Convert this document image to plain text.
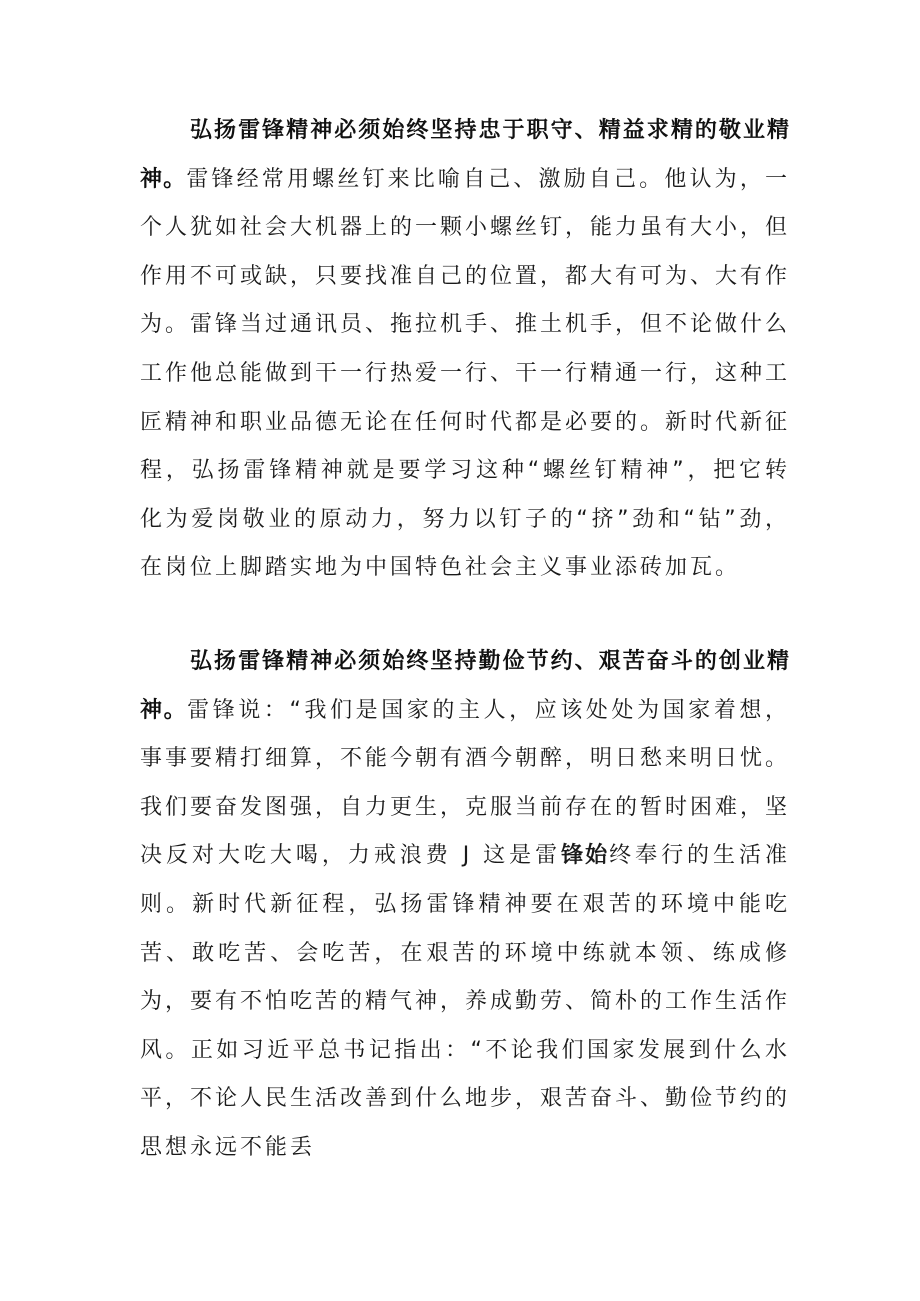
弘扬雷锋精神必须始终坚持忠于职守、精益求精的敬业精神。雷锋经常用螺丝钉来比喻自己、激励自己。他认为，一个人犹如社会大机器上的一颗小螺丝钉，能力虽有大小，但作用不可或缺，只要找准自己的位置，都大有可为、大有作为。雷锋当过通讯员、拖拉机手、推土机手，但不论做什么工作他总能做到干一行热爱一行、干一行精通一行，这种工匠精神和职业品德无论在任何时代都是必要的。新时代新征程，弘扬雷锋精神就是要学习这种“螺丝钉精神”，把它转化为爱岗敬业的原动力，努力以钉子的“挤”劲和“钻”劲，在岗位上脚踏实地为中国特色社会主义事业添砖加瓦。

弘扬雷锋精神必须始终坚持勤俭节约、艰苦奋斗的创业精神。雷锋说：“我们是国家的主人，应该处处为国家着想，事事要精打细算，不能今朝有酒今朝醉，明日愁来明日忧。我们要奋发图强，自力更生，克服当前存在的暂时困难，坚决反对大吃大喝，力戒浪费 J 这是雷锋始终奉行的生活准则。新时代新征程，弘扬雷锋精神要在艰苦的环境中能吃苦、敢吃苦、会吃苦，在艰苦的环境中练就本领、练成修为，要有不怕吃苦的精气神，养成勤劳、简朴的工作生活作风。正如习近平总书记指出：“不论我们国家发展到什么水平，不论人民生活改善到什么地步，艰苦奋斗、勤俭节约的思想永远不能丢
